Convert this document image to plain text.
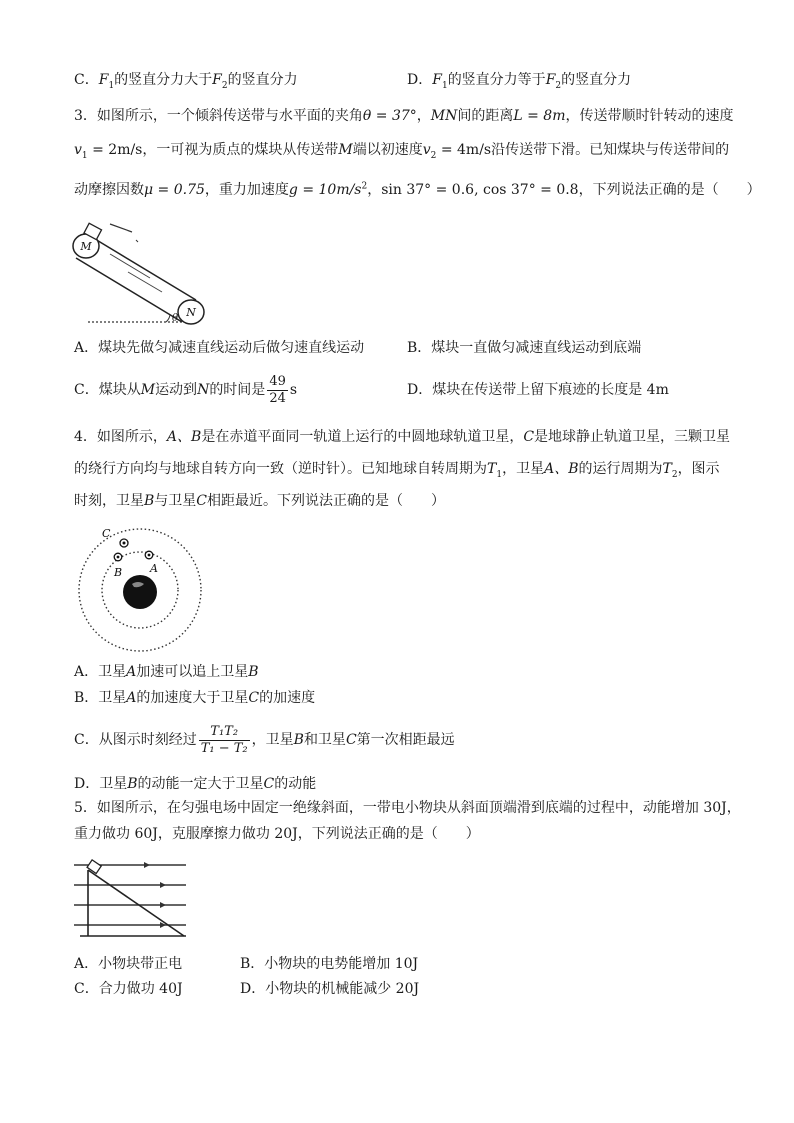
C．$F_1$的竖直分力大于$F_2$的竖直分力	D．$F_1$的竖直分力等于$F_2$的竖直分力
3．如图所示，一个倾斜传送带与水平面的夹角θ = 37°，MN间的距离L = 8m，传送带顺时针转动的速度
$v_1 = 2m/s$，一可视为质点的煤块从传送带M端以初速度$v_2 = 4m/s$沿传送带下滑。已知煤块与传送带间的
动摩擦因数μ = 0.75，重力加速度$g = 10m/s^2$，sin 37° = 0.6, cos 37° = 0.8，下列说法正确的是（　　）
M
N
θ
A．煤块先做匀减速直线运动后做匀速直线运动	B．煤块一直做匀减速直线运动到底端
C．煤块从M运动到N的时间是 $\frac{49}{24}$ s	D．煤块在传送带上留下痕迹的长度是 4m
4．如图所示，A、B是在赤道平面同一轨道上运行的中圆地球轨道卫星，C是地球静止轨道卫星，三颗卫星
的绕行方向均与地球自转方向一致（逆时针）。已知地球自转周期为$T_1$，卫星A、B的运行周期为$T_2$，图示
时刻，卫星B与卫星C相距最近。下列说法正确的是（　　）
C
B	A
A．卫星A加速可以追上卫星B
B．卫星A的加速度大于卫星C的加速度
C．从图示时刻经过 $\frac{\text{T₁T₂}}{\text{T₁ − T₂}}$ ，卫星B和卫星C第一次相距最远
D．卫星B的动能一定大于卫星C的动能
5．如图所示，在匀强电场中固定一绝缘斜面，一带电小物块从斜面顶端滑到底端的过程中，动能增加 30J，
重力做功 60J，克服摩擦力做功 20J，下列说法正确的是（　　）
A．小物块带正电	B．小物块的电势能增加 10J
C．合力做功 40J	D．小物块的机械能减少 20J
